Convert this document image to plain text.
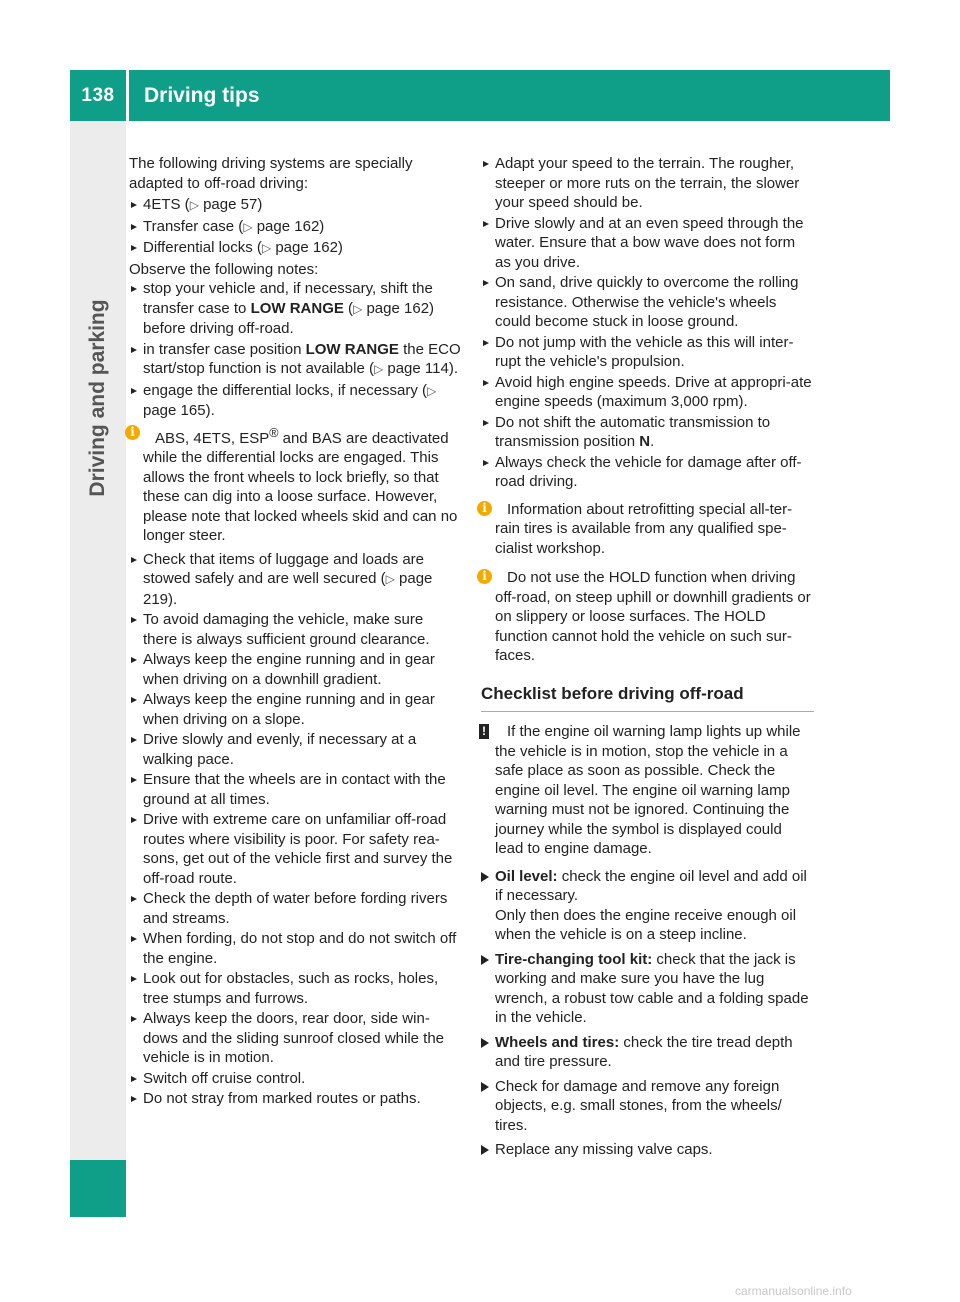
138	Driving tips
Driving and parking

The following driving systems are specially adapted to off-road driving:

4ETS (▷ page 57)
Transfer case (▷ page 162)
Differential locks (▷ page 162)

Observe the following notes:

stop your vehicle and, if necessary, shift the transfer case to LOW RANGE (▷ page 162) before driving off-road.
in transfer case position LOW RANGE the ECO start/stop function is not available (▷ page 114).
engage the differential locks, if necessary (▷ page 165).
i	ABS, 4ETS, ESP® and BAS are deactivated while the differential locks are engaged. This allows the front wheels to lock briefly, so that these can dig into a loose surface. However, please note that locked wheels skid and can no longer steer.
Check that items of luggage and loads are stowed safely and are well secured (▷ page 219).
To avoid damaging the vehicle, make sure there is always sufficient ground clearance.
Always keep the engine running and in gear when driving on a downhill gradient.
Always keep the engine running and in gear when driving on a slope.
Drive slowly and evenly, if necessary at a walking pace.
Ensure that the wheels are in contact with the ground at all times.
Drive with extreme care on unfamiliar off-road routes where visibility is poor. For safety rea-sons, get out of the vehicle first and survey the off-road route.
Check the depth of water before fording rivers and streams.
When fording, do not stop and do not switch off the engine.
Look out for obstacles, such as rocks, holes, tree stumps and furrows.
Always keep the doors, rear door, side win-dows and the sliding sunroof closed while the vehicle is in motion.
Switch off cruise control.
Do not stray from marked routes or paths.
Adapt your speed to the terrain. The rougher, steeper or more ruts on the terrain, the slower your speed should be.
Drive slowly and at an even speed through the water. Ensure that a bow wave does not form as you drive.
On sand, drive quickly to overcome the rolling resistance. Otherwise the vehicle's wheels could become stuck in loose ground.
Do not jump with the vehicle as this will inter-rupt the vehicle's propulsion.
Avoid high engine speeds. Drive at appropri-ate engine speeds (maximum 3,000 rpm).
Do not shift the automatic transmission to transmission position N.
Always check the vehicle for damage after off-road driving.
i	Information about retrofitting special all-ter-rain tires is available from any qualified spe-cialist workshop.
i	Do not use the HOLD function when driving off-road, on steep uphill or downhill gradients or on slippery or loose surfaces. The HOLD function cannot hold the vehicle on such sur-faces.
Checklist before driving off-road
! If the engine oil warning lamp lights up while the vehicle is in motion, stop the vehicle in a safe place as soon as possible. Check the engine oil level. The engine oil warning lamp warning must not be ignored. Continuing the journey while the symbol is displayed could lead to engine damage.
Oil level: check the engine oil level and add oil if necessary.
Only then does the engine receive enough oil when the vehicle is on a steep incline.
Tire-changing tool kit: check that the jack is working and make sure you have the lug wrench, a robust tow cable and a folding spade in the vehicle.
Wheels and tires: check the tire tread depth and tire pressure.
Check for damage and remove any foreign objects, e.g. small stones, from the wheels/ tires.
Replace any missing valve caps.
carmanualsonline.info
